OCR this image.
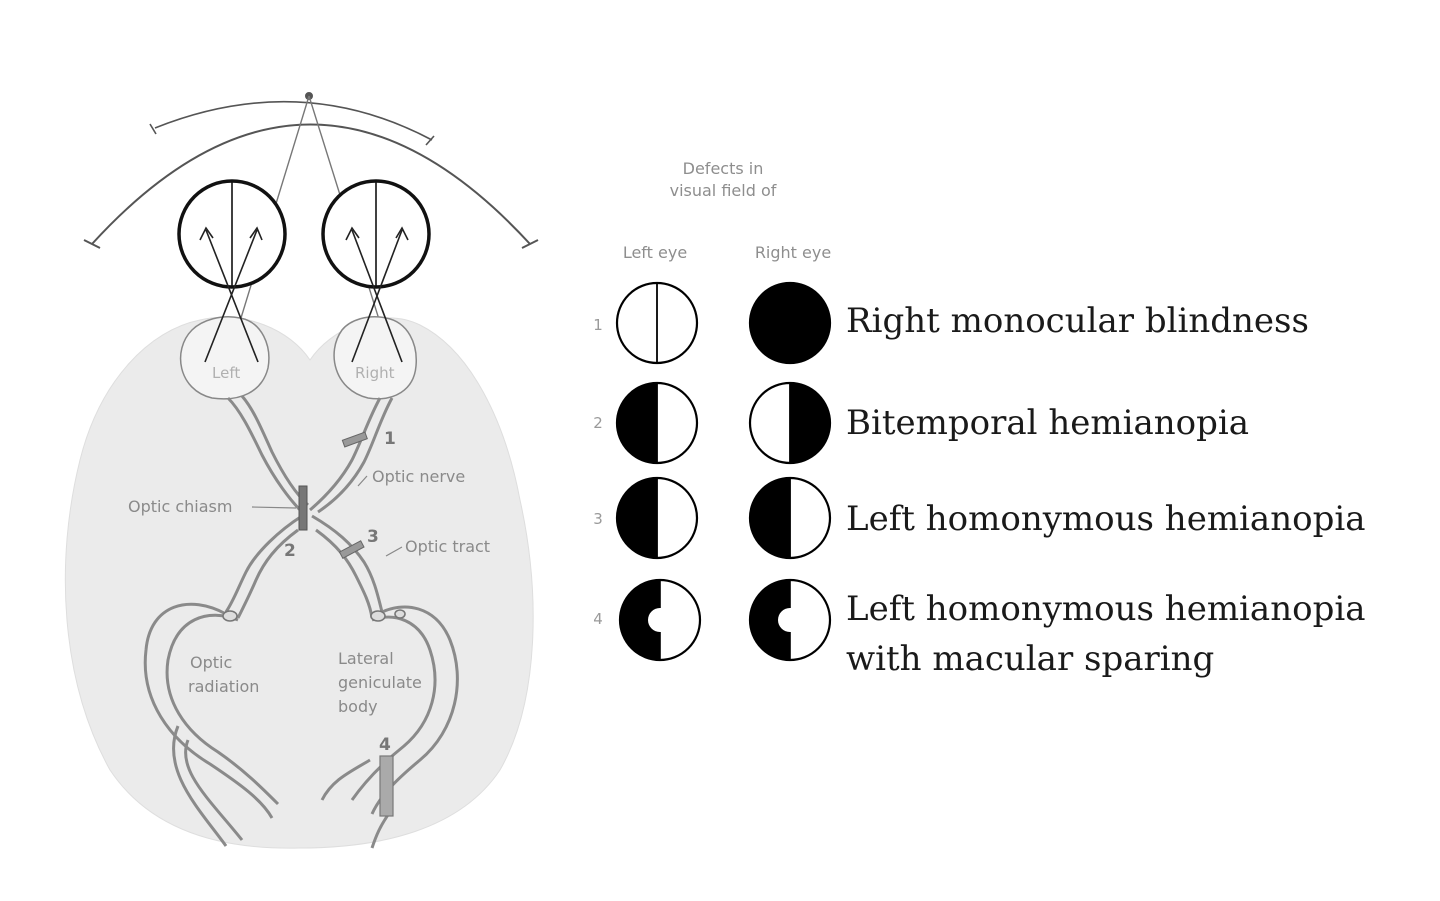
Left	Right
1
2
3
4
Optic nerve
Optic chiasm
Optic tract
Optic
radiation
Lateral
geniculate
body
Defects in
visual field of
Left eye	Right eye
1	Right monocular blindness
2	Bitemporal hemianopia
3	Left homonymous hemianopia
4	Left homonymous hemianopia
with macular sparing
